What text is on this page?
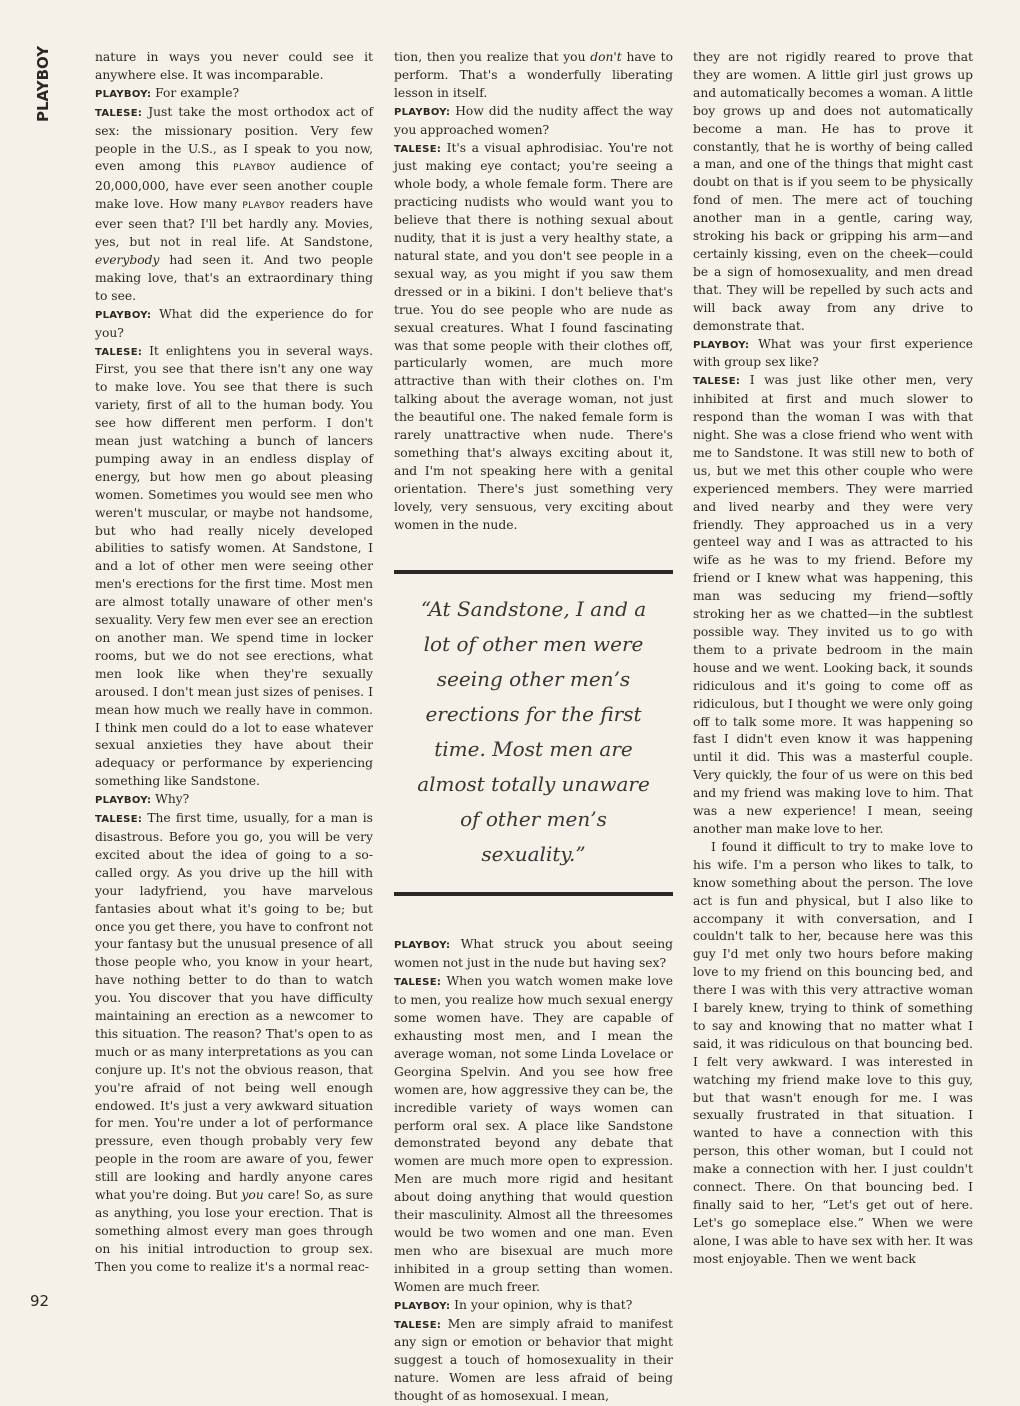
PLAYBOY	nature in ways you never could see it anywhere else. It was incomparable.

PLAYBOY: For example?

TALESE: Just take the most orthodox act of sex: the missionary position. Very few people in the U.S., as I speak to you now, even among this PLAYBOY audience of 20,000,000, have ever seen another couple make love. How many PLAYBOY readers have ever seen that? I'll bet hardly any. Movies, yes, but not in real life. At Sandstone, everybody had seen it. And two people making love, that's an extraordinary thing to see.

PLAYBOY: What did the experience do for you?

TALESE: It enlightens you in several ways. First, you see that there isn't any one way to make love. You see that there is such variety, first of all to the human body. You see how different men perform. I don't mean just watching a bunch of lancers pumping away in an endless display of energy, but how men go about pleasing women. Sometimes you would see men who weren't muscular, or maybe not handsome, but who had really nicely developed abilities to satisfy women. At Sandstone, I and a lot of other men were seeing other men's erections for the first time. Most men are almost totally unaware of other men's sexuality. Very few men ever see an erection on another man. We spend time in locker rooms, but we do not see erections, what men look like when they're sexually aroused. I don't mean just sizes of penises. I mean how much we really have in common. I think men could do a lot to ease whatever sexual anxieties they have about their adequacy or performance by experiencing something like Sandstone.

PLAYBOY: Why?

TALESE: The first time, usually, for a man is disastrous. Before you go, you will be very excited about the idea of going to a so-called orgy. As you drive up the hill with your ladyfriend, you have marvelous fantasies about what it's going to be; but once you get there, you have to confront not your fantasy but the unusual presence of all those people who, you know in your heart, have nothing better to do than to watch you. You discover that you have difficulty maintaining an erection as a newcomer to this situation. The reason? That's open to as much or as many interpretations as you can conjure up. It's not the obvious reason, that you're afraid of not being well enough endowed. It's just a very awkward situation for men. You're under a lot of performance pressure, even though probably very few people in the room are aware of you, fewer still are looking and hardly anyone cares what you're doing. But you care! So, as sure as anything, you lose your erection. That is something almost every man goes through on his initial introduction to group sex. Then you come to realize it's a normal reac-

tion, then you realize that you don't have to perform. That's a wonderfully liberating lesson in itself.

PLAYBOY: How did the nudity affect the way you approached women?

TALESE: It's a visual aphrodisiac. You're not just making eye contact; you're seeing a whole body, a whole female form. There are practicing nudists who would want you to believe that there is nothing sexual about nudity, that it is just a very healthy state, a natural state, and you don't see people in a sexual way, as you might if you saw them dressed or in a bikini. I don't believe that's true. You do see people who are nude as sexual creatures. What I found fascinating was that some people with their clothes off, particularly women, are much more attractive than with their clothes on. I'm talking about the average woman, not just the beautiful one. The naked female form is rarely unattractive when nude. There's something that's always exciting about it, and I'm not speaking here with a genital orientation. There's just something very lovely, very sensuous, very exciting about women in the nude.

“At Sandstone, I and a lot of other men were seeing other men’s erections for the first time. Most men are almost totally unaware of other men’s sexuality.”

PLAYBOY: What struck you about seeing women not just in the nude but having sex?

TALESE: When you watch women make love to men, you realize how much sexual energy some women have. They are capable of exhausting most men, and I mean the average woman, not some Linda Lovelace or Georgina Spelvin. And you see how free women are, how aggressive they can be, the incredible variety of ways women can perform oral sex. A place like Sandstone demonstrated beyond any debate that women are much more open to expression. Men are much more rigid and hesitant about doing anything that would question their masculinity. Almost all the threesomes would be two women and one man. Even men who are bisexual are much more inhibited in a group setting than women. Women are much freer.

PLAYBOY: In your opinion, why is that?

TALESE: Men are simply afraid to manifest any sign or emotion or behavior that might suggest a touch of homosexuality in their nature. Women are less afraid of being thought of as homosexual. I mean,

they are not rigidly reared to prove that they are women. A little girl just grows up and automatically becomes a woman. A little boy grows up and does not automatically become a man. He has to prove it constantly, that he is worthy of being called a man, and one of the things that might cast doubt on that is if you seem to be physically fond of men. The mere act of touching another man in a gentle, caring way, stroking his back or gripping his arm—and certainly kissing, even on the cheek—could be a sign of homosexuality, and men dread that. They will be repelled by such acts and will back away from any drive to demonstrate that.

PLAYBOY: What was your first experience with group sex like?

TALESE: I was just like other men, very inhibited at first and much slower to respond than the woman I was with that night. She was a close friend who went with me to Sandstone. It was still new to both of us, but we met this other couple who were experienced members. They were married and lived nearby and they were very friendly. They approached us in a very genteel way and I was as attracted to his wife as he was to my friend. Before my friend or I knew what was happening, this man was seducing my friend—softly stroking her as we chatted—in the subtlest possible way. They invited us to go with them to a private bedroom in the main house and we went. Looking back, it sounds ridiculous and it's going to come off as ridiculous, but I thought we were only going off to talk some more. It was happening so fast I didn't even know it was happening until it did. This was a masterful couple. Very quickly, the four of us were on this bed and my friend was making love to him. That was a new experience! I mean, seeing another man make love to her.

I found it difficult to try to make love to his wife. I'm a person who likes to talk, to know something about the person. The love act is fun and physical, but I also like to accompany it with conversation, and I couldn't talk to her, because here was this guy I'd met only two hours before making love to my friend on this bouncing bed, and there I was with this very attractive woman I barely knew, trying to think of something to say and knowing that no matter what I said, it was ridiculous on that bouncing bed. I felt very awkward. I was interested in watching my friend make love to this guy, but that wasn't enough for me. I was sexually frustrated in that situation. I wanted to have a connection with this person, this other woman, but I could not make a connection with her. I just couldn't connect. There. On that bouncing bed. I finally said to her, “Let's get out of here. Let's go someplace else.” When we were alone, I was able to have sex with her. It was most enjoyable. Then we went back

92
